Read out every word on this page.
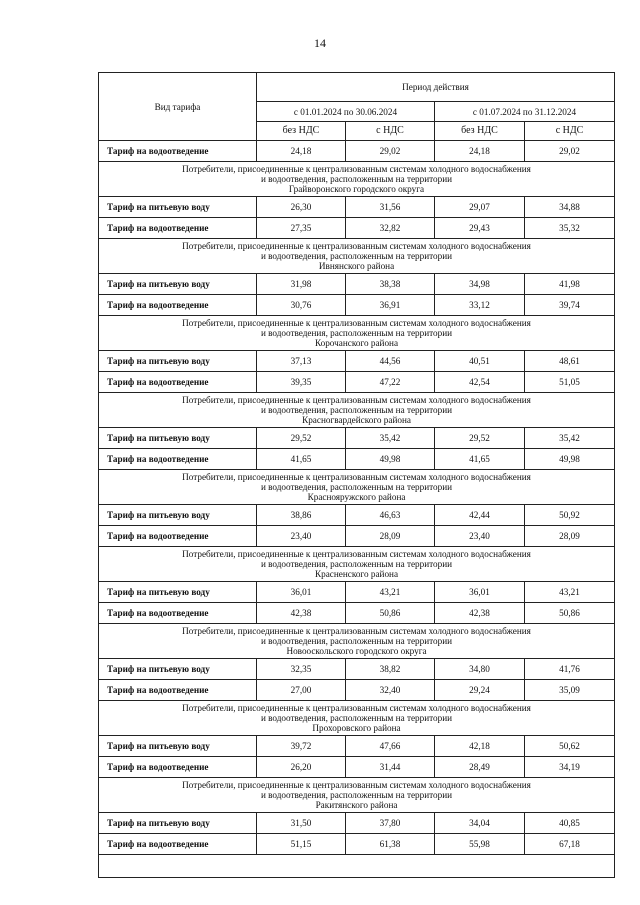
14
Вид тарифа	Период действия			
	с 01.01.2024 по 30.06.2024		с 01.07.2024 по 31.12.2024	
	без НДС	с НДС	без НДС	с НДС
Тариф на водоотведение	24,18	29,02	24,18	29,02

Потребители, присоединенные к централизованным системам холодного водоснабжения
и водоотведения, расположенным на территории
Грайворонского городского округа				

Тариф на питьевую воду	26,30	31,56	29,07	34,88
Тариф на водоотведение	27,35	32,82	29,43	35,32

Потребители, присоединенные к централизованным системам холодного водоснабжения
и водоотведения, расположенным на территории
Ивнянского района				

Тариф на питьевую воду	31,98	38,38	34,98	41,98
Тариф на водоотведение	30,76	36,91	33,12	39,74

Потребители, присоединенные к централизованным системам холодного водоснабжения
и водоотведения, расположенным на территории
Корочанского района				

Тариф на питьевую воду	37,13	44,56	40,51	48,61
Тариф на водоотведение	39,35	47,22	42,54	51,05

Потребители, присоединенные к централизованным системам холодного водоснабжения
и водоотведения, расположенным на территории
Красногвардейского района				

Тариф на питьевую воду	29,52	35,42	29,52	35,42
Тариф на водоотведение	41,65	49,98	41,65	49,98

Потребители, присоединенные к централизованным системам холодного водоснабжения
и водоотведения, расположенным на территории
Краснояружского района				

Тариф на питьевую воду	38,86	46,63	42,44	50,92
Тариф на водоотведение	23,40	28,09	23,40	28,09

Потребители, присоединенные к централизованным системам холодного водоснабжения
и водоотведения, расположенным на территории
Красненского района				

Тариф на питьевую воду	36,01	43,21	36,01	43,21
Тариф на водоотведение	42,38	50,86	42,38	50,86

Потребители, присоединенные к централизованным системам холодного водоснабжения
и водоотведения, расположенным на территории
Новооскольского городского округа				

Тариф на питьевую воду	32,35	38,82	34,80	41,76
Тариф на водоотведение	27,00	32,40	29,24	35,09

Потребители, присоединенные к централизованным системам холодного водоснабжения
и водоотведения, расположенным на территории
Прохоровского района				

Тариф на питьевую воду	39,72	47,66	42,18	50,62
Тариф на водоотведение	26,20	31,44	28,49	34,19

Потребители, присоединенные к централизованным системам холодного водоснабжения
и водоотведения, расположенным на территории
Ракитянского района				

Тариф на питьевую воду	31,50	37,80	34,04	40,85
Тариф на водоотведение	51,15	61,38	55,98	67,18
